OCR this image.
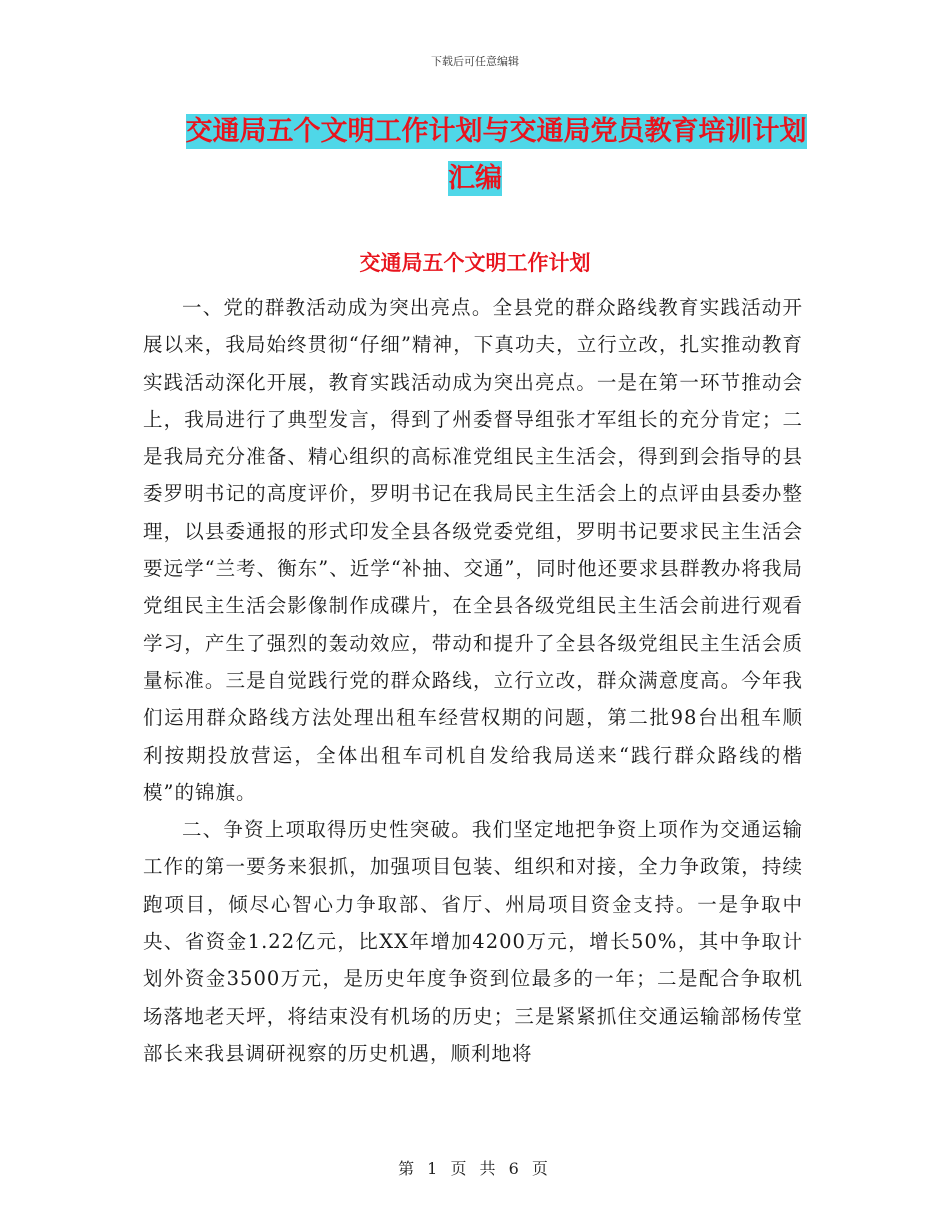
下载后可任意编辑
交通局五个文明工作计划与交通局党员教育培训计划
汇编
交通局五个文明工作计划

一、党的群教活动成为突出亮点。全县党的群众路线教育实践活动开展以来，我局始终贯彻“仔细”精神，下真功夫，立行立改，扎实推动教育实践活动深化开展，教育实践活动成为突出亮点。一是在第一环节推动会上，我局进行了典型发言，得到了州委督导组张才军组长的充分肯定；二是我局充分准备、精心组织的高标准党组民主生活会，得到到会指导的县委罗明书记的高度评价，罗明书记在我局民主生活会上的点评由县委办整理，以县委通报的形式印发全县各级党委党组，罗明书记要求民主生活会要远学“兰考、衡东”、近学“补抽、交通”，同时他还要求县群教办将我局党组民主生活会影像制作成碟片，在全县各级党组民主生活会前进行观看学习，产生了强烈的轰动效应，带动和提升了全县各级党组民主生活会质量标准。三是自觉践行党的群众路线，立行立改，群众满意度高。今年我们运用群众路线方法处理出租车经营权期的问题，第二批98台出租车顺利按期投放营运，全体出租车司机自发给我局送来“践行群众路线的楷模”的锦旗。

二、争资上项取得历史性突破。我们坚定地把争资上项作为交通运输工作的第一要务来狠抓，加强项目包装、组织和对接，全力争政策，持续跑项目，倾尽心智心力争取部、省厅、州局项目资金支持。一是争取中央、省资金1.22亿元，比XX年增加4200万元，增长50%，其中争取计划外资金3500万元，是历史年度争资到位最多的一年；二是配合争取机场落地老天坪，将结束没有机场的历史；三是紧紧抓住交通运输部杨传堂部长来我县调研视察的历史机遇，顺利地将

第 1 页 共 6 页
